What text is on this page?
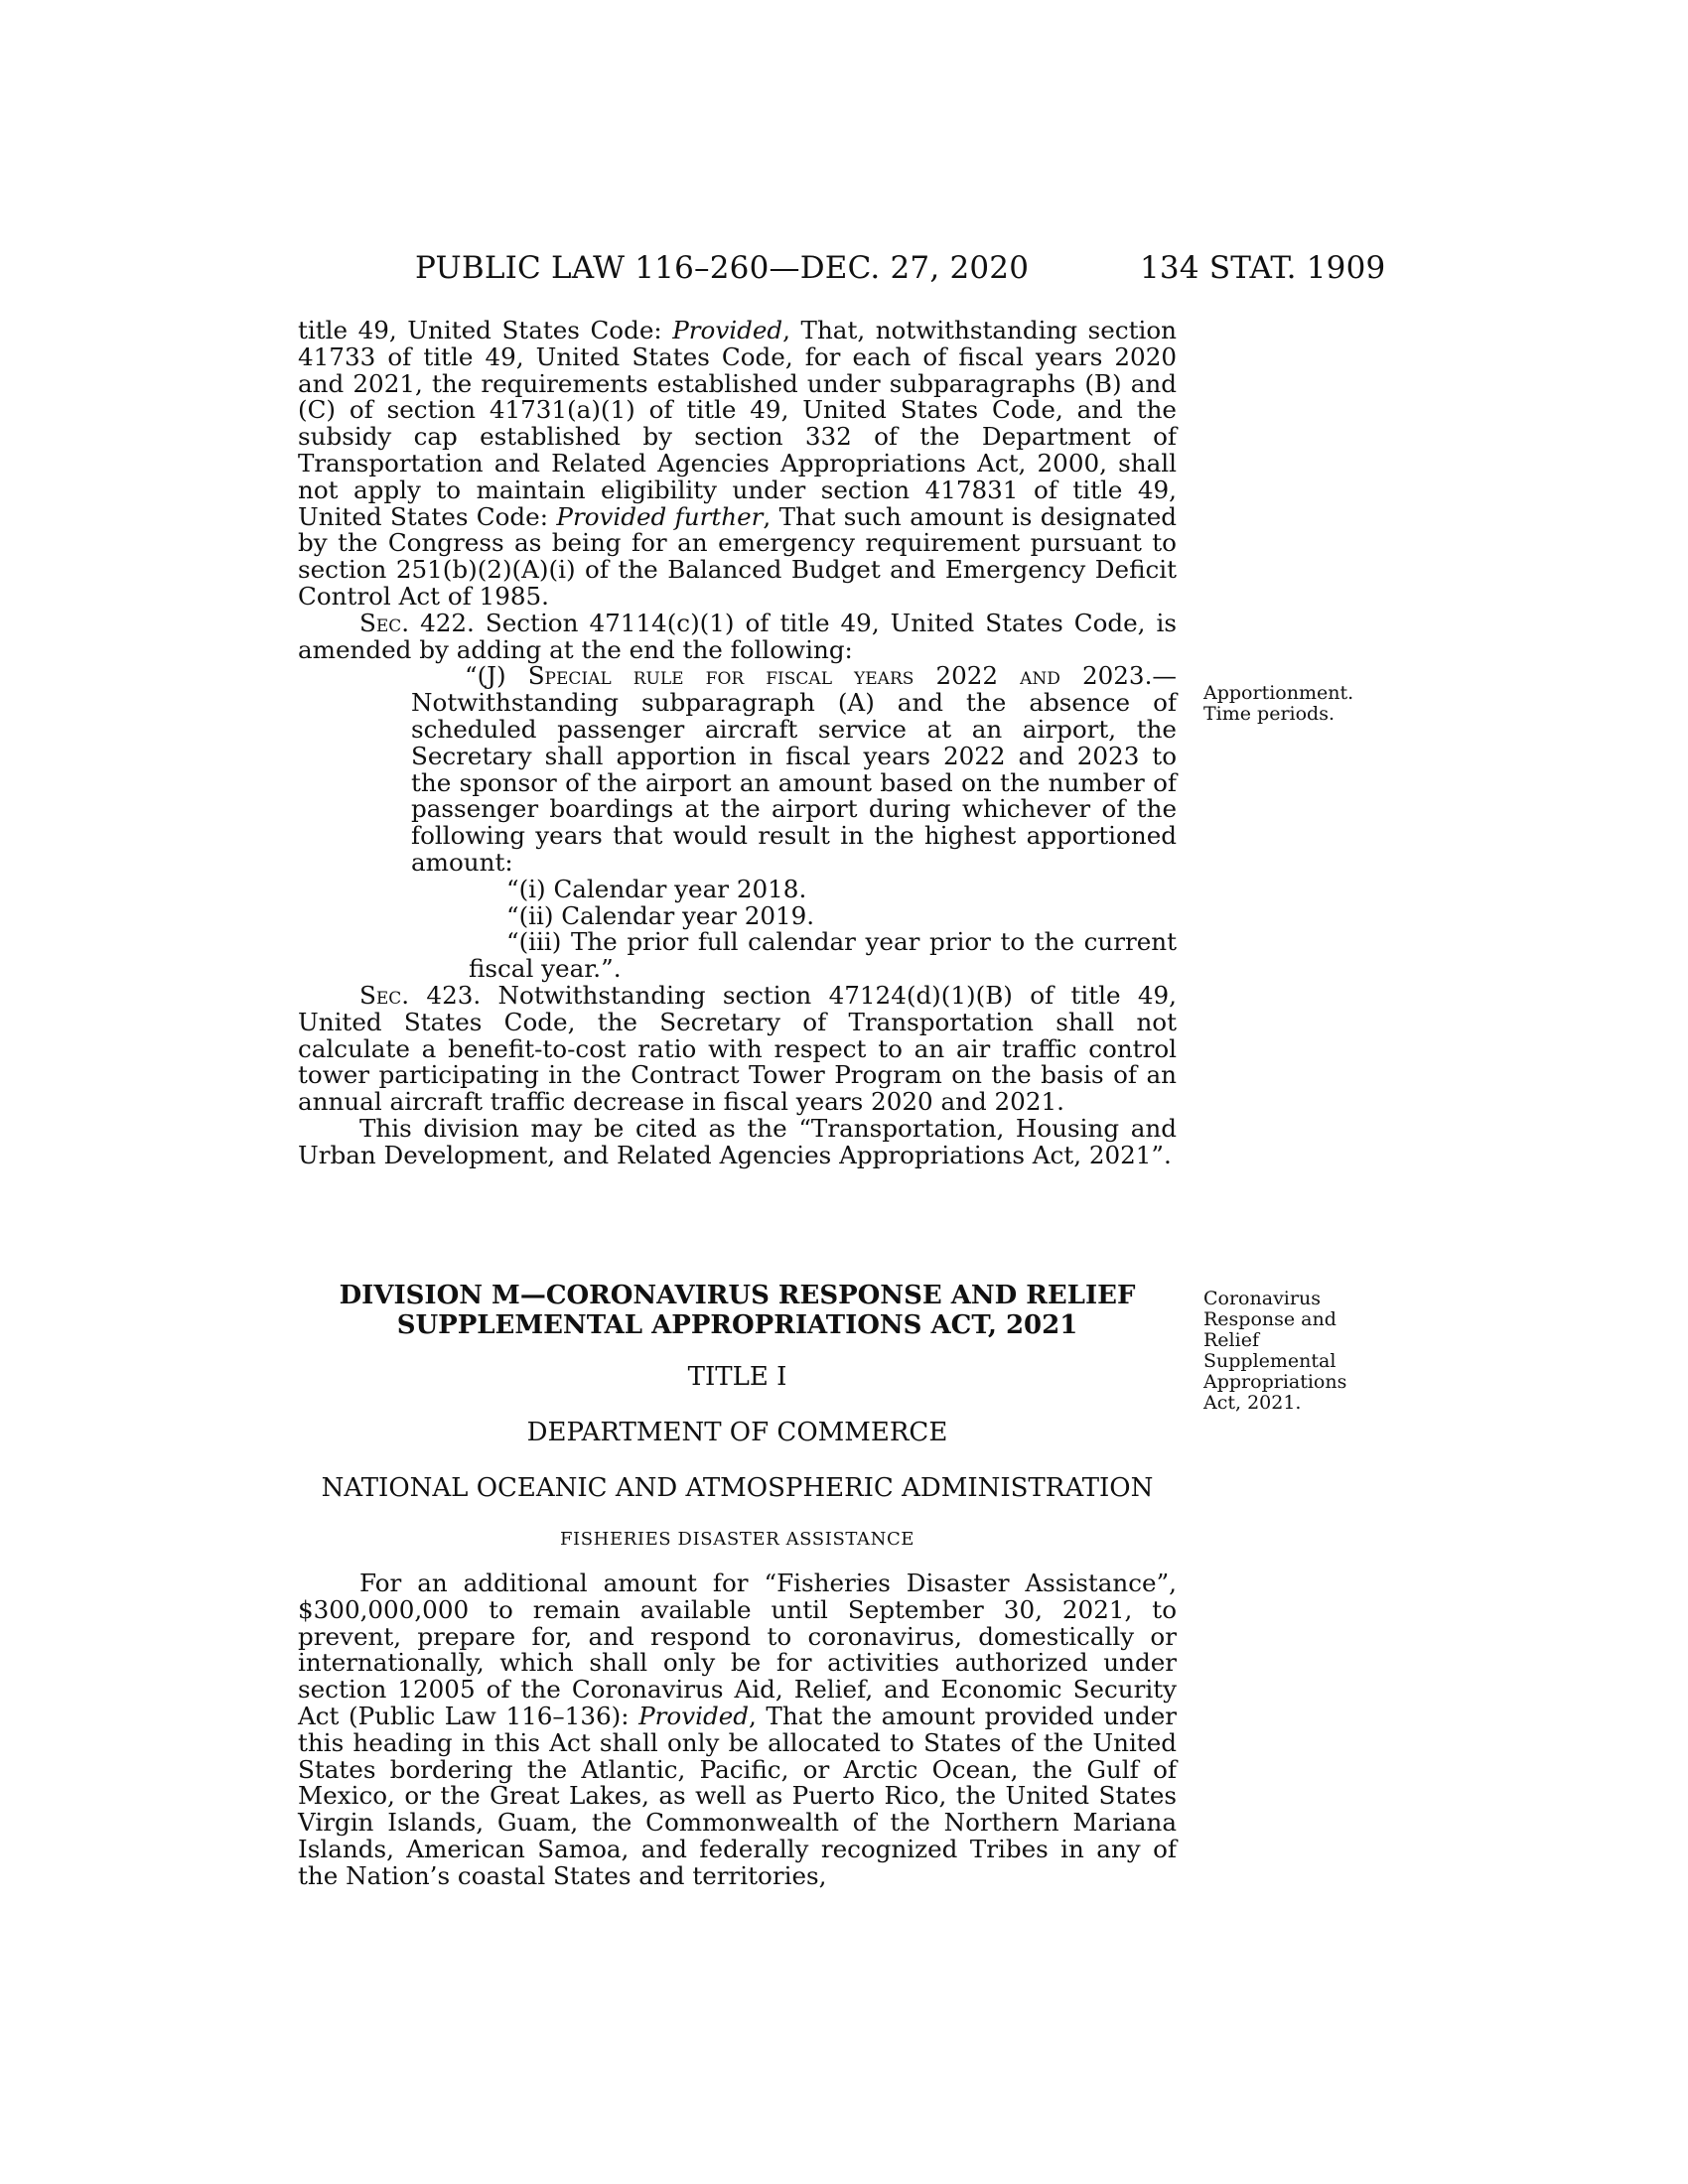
PUBLIC LAW 116–260—DEC. 27, 2020	134 STAT. 1909

title 49, United States Code: Provided, That, notwithstanding section 41733 of title 49, United States Code, for each of fiscal years 2020 and 2021, the requirements established under subparagraphs (B) and (C) of section 41731(a)(1) of title 49, United States Code, and the subsidy cap established by section 332 of the Department of Transportation and Related Agencies Appropriations Act, 2000, shall not apply to maintain eligibility under section 417831 of title 49, United States Code: Provided further, That such amount is designated by the Congress as being for an emergency requirement pursuant to section 251(b)(2)(A)(i) of the Balanced Budget and Emergency Deficit Control Act of 1985.

Sec. 422. Section 47114(c)(1) of title 49, United States Code, is amended by adding at the end the following:

“(J) Special rule for fiscal years 2022 and 2023.—Notwithstanding subparagraph (A) and the absence of scheduled passenger aircraft service at an airport, the Secretary shall apportion in fiscal years 2022 and 2023 to the sponsor of the airport an amount based on the number of passenger boardings at the airport during whichever of the following years that would result in the highest apportioned amount:

“(i) Calendar year 2018.

“(ii) Calendar year 2019.

“(iii) The prior full calendar year prior to the current fiscal year.”.

Sec. 423. Notwithstanding section 47124(d)(1)(B) of title 49, United States Code, the Secretary of Transportation shall not calculate a benefit-to-cost ratio with respect to an air traffic control tower participating in the Contract Tower Program on the basis of an annual aircraft traffic decrease in fiscal years 2020 and 2021.

This division may be cited as the “Transportation, Housing and Urban Development, and Related Agencies Appropriations Act, 2021”.

Apportionment.
Time periods.
Coronavirus
Response and
Relief
Supplemental
Appropriations
Act, 2021.
DIVISION M—CORONAVIRUS RESPONSE AND RELIEF
SUPPLEMENTAL APPROPRIATIONS ACT, 2021
TITLE I
DEPARTMENT OF COMMERCE
NATIONAL OCEANIC AND ATMOSPHERIC ADMINISTRATION
FISHERIES DISASTER ASSISTANCE

For an additional amount for “Fisheries Disaster Assistance”, $300,000,000 to remain available until September 30, 2021, to prevent, prepare for, and respond to coronavirus, domestically or internationally, which shall only be for activities authorized under section 12005 of the Coronavirus Aid, Relief, and Economic Security Act (Public Law 116–136): Provided, That the amount provided under this heading in this Act shall only be allocated to States of the United States bordering the Atlantic, Pacific, or Arctic Ocean, the Gulf of Mexico, or the Great Lakes, as well as Puerto Rico, the United States Virgin Islands, Guam, the Commonwealth of the Northern Mariana Islands, American Samoa, and federally recognized Tribes in any of the Nation’s coastal States and territories,
